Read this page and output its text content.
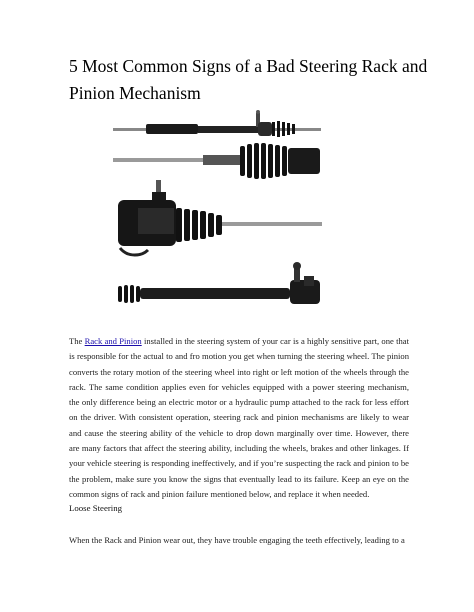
5 Most Common Signs of a Bad Steering Rack and Pinion Mechanism

The Rack and Pinion installed in the steering system of your car is a highly sensitive part, one that is responsible for the actual to and fro motion you get when turning the steering wheel. The pinion converts the rotary motion of the steering wheel into right or left motion of the wheels through the rack. The same condition applies even for vehicles equipped with a power steering mechanism, the only difference being an electric motor or a hydraulic pump attached to the rack for less effort on the driver. With consistent operation, steering rack and pinion mechanisms are likely to wear and cause the steering ability of the vehicle to drop down marginally over time. However, there are many factors that affect the steering ability, including the wheels, brakes and other linkages. If your vehicle steering is responding ineffectively, and if you’re suspecting the rack and pinion to be the problem, make sure you know the signs that eventually lead to its failure. Keep an eye on the common signs of rack and pinion failure mentioned below, and replace it when needed.

Loose Steering

When the Rack and Pinion wear out, they have trouble engaging the teeth effectively, leading to a
